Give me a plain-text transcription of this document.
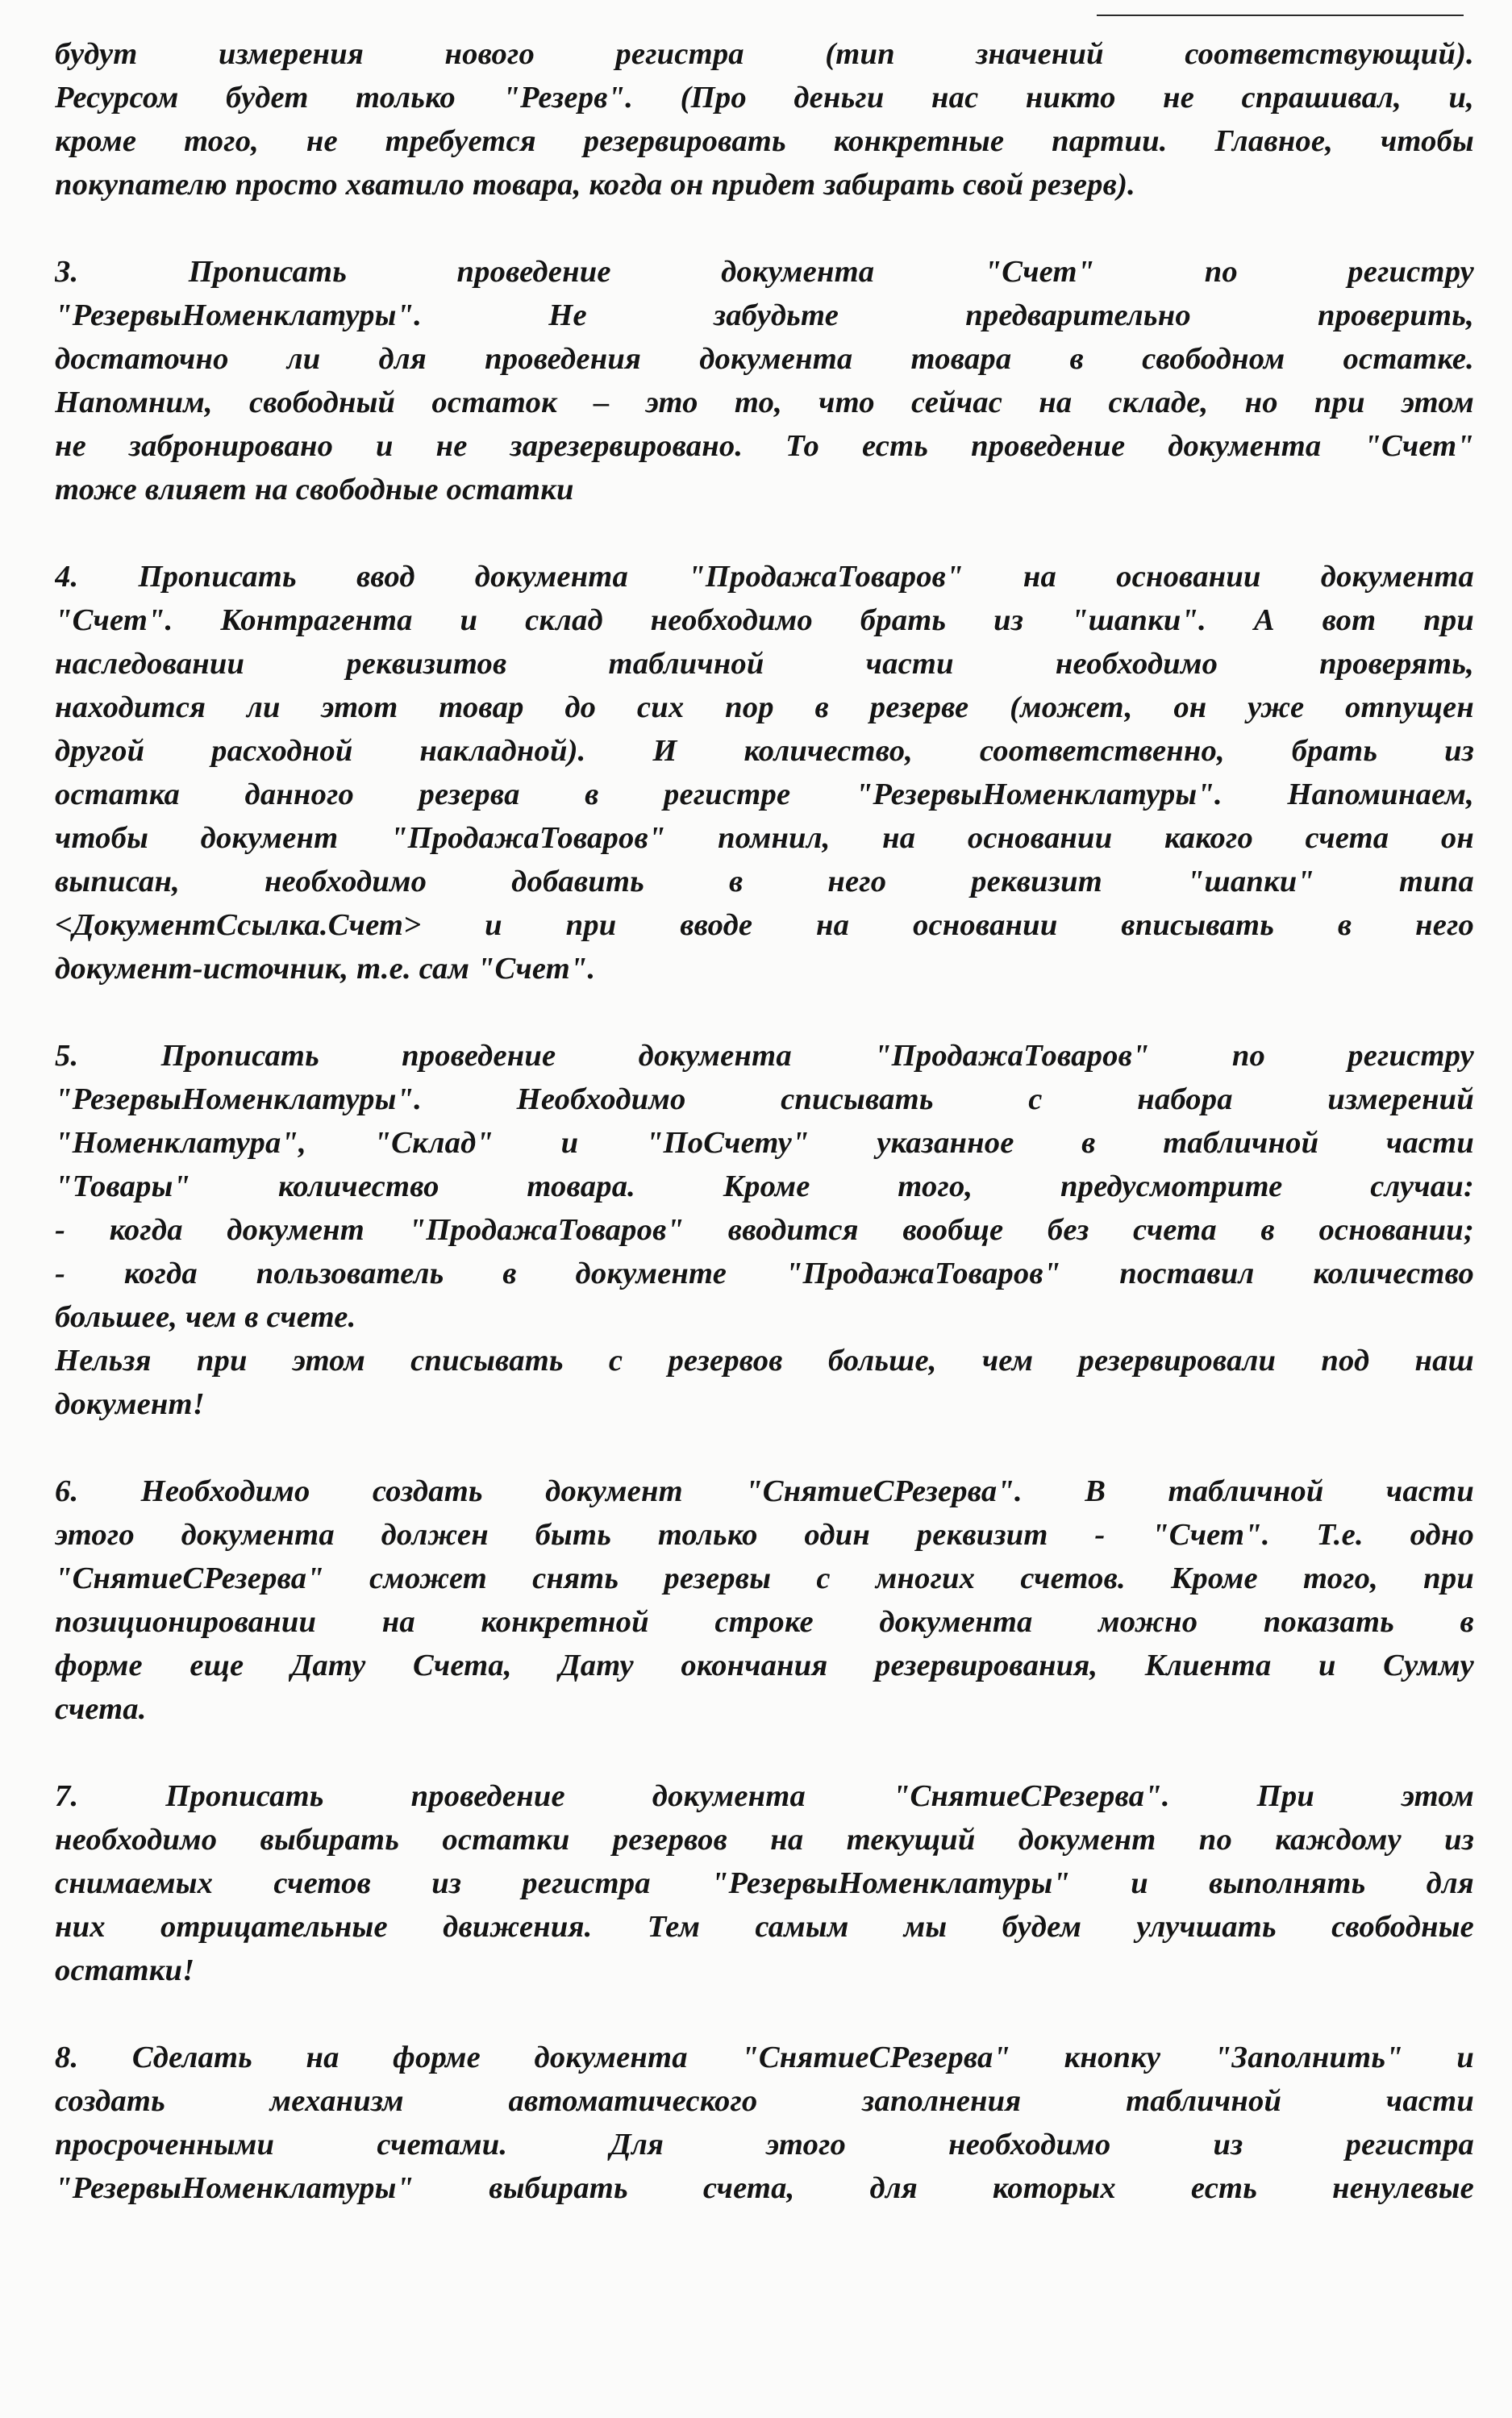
будут измерения нового регистра (тип значений соответствующий).
Ресурсом будет только "Резерв". (Про деньги нас никто не спрашивал, и,
кроме того, не требуется резервировать конкретные партии. Главное, чтобы
покупателю просто хватило товара, когда он придет забирать свой резерв).
3. Прописать проведение документа "Счет" по регистру
"РезервыНоменклатуры". Не забудьте предварительно проверить,
достаточно ли для проведения документа товара в свободном остатке.
Напомним, свободный остаток – это то, что сейчас на складе, но при этом
не забронировано и не зарезервировано. То есть проведение документа "Счет"
тоже влияет на свободные остатки
4. Прописать ввод документа "ПродажаТоваров" на основании документа
"Счет". Контрагента и склад необходимо брать из "шапки". А вот при
наследовании реквизитов табличной части необходимо проверять,
находится ли этот товар до сих пор в резерве (может, он уже отпущен
другой расходной накладной). И количество, соответственно, брать из
остатка данного резерва в регистре "РезервыНоменклатуры". Напоминаем,
чтобы документ "ПродажаТоваров" помнил, на основании какого счета он
выписан, необходимо добавить в него реквизит "шапки" типа
<ДокументСсылка.Счет> и при вводе на основании вписывать в него
документ-источник, т.е. сам "Счет".
5. Прописать проведение документа "ПродажаТоваров" по регистру
"РезервыНоменклатуры". Необходимо списывать с набора измерений
"Номенклатура", "Склад" и "ПоСчету" указанное в табличной части
"Товары" количество товара. Кроме того, предусмотрите случаи:
- когда документ "ПродажаТоваров" вводится вообще без счета в основании;
- когда пользователь в документе "ПродажаТоваров" поставил количество
большее, чем в счете.
Нельзя при этом списывать с резервов больше, чем резервировали под наш
документ!
6. Необходимо создать документ "СнятиеСРезерва". В табличной части
этого документа должен быть только один реквизит - "Счет". Т.е. одно
"СнятиеСРезерва" сможет снять резервы с многих счетов. Кроме того, при
позиционировании на конкретной строке документа можно показать в
форме еще Дату Счета, Дату окончания резервирования, Клиента и Сумму
счета.
7. Прописать проведение документа "СнятиеСРезерва". При этом
необходимо выбирать остатки резервов на текущий документ по каждому из
снимаемых счетов из регистра "РезервыНоменклатуры" и выполнять для
них отрицательные движения. Тем самым мы будем улучшать свободные
остатки!
8. Сделать на форме документа "СнятиеСРезерва" кнопку "Заполнить" и
создать механизм автоматического заполнения табличной части
просроченными счетами. Для этого необходимо из регистра
"РезервыНоменклатуры" выбирать счета, для которых есть ненулевые
